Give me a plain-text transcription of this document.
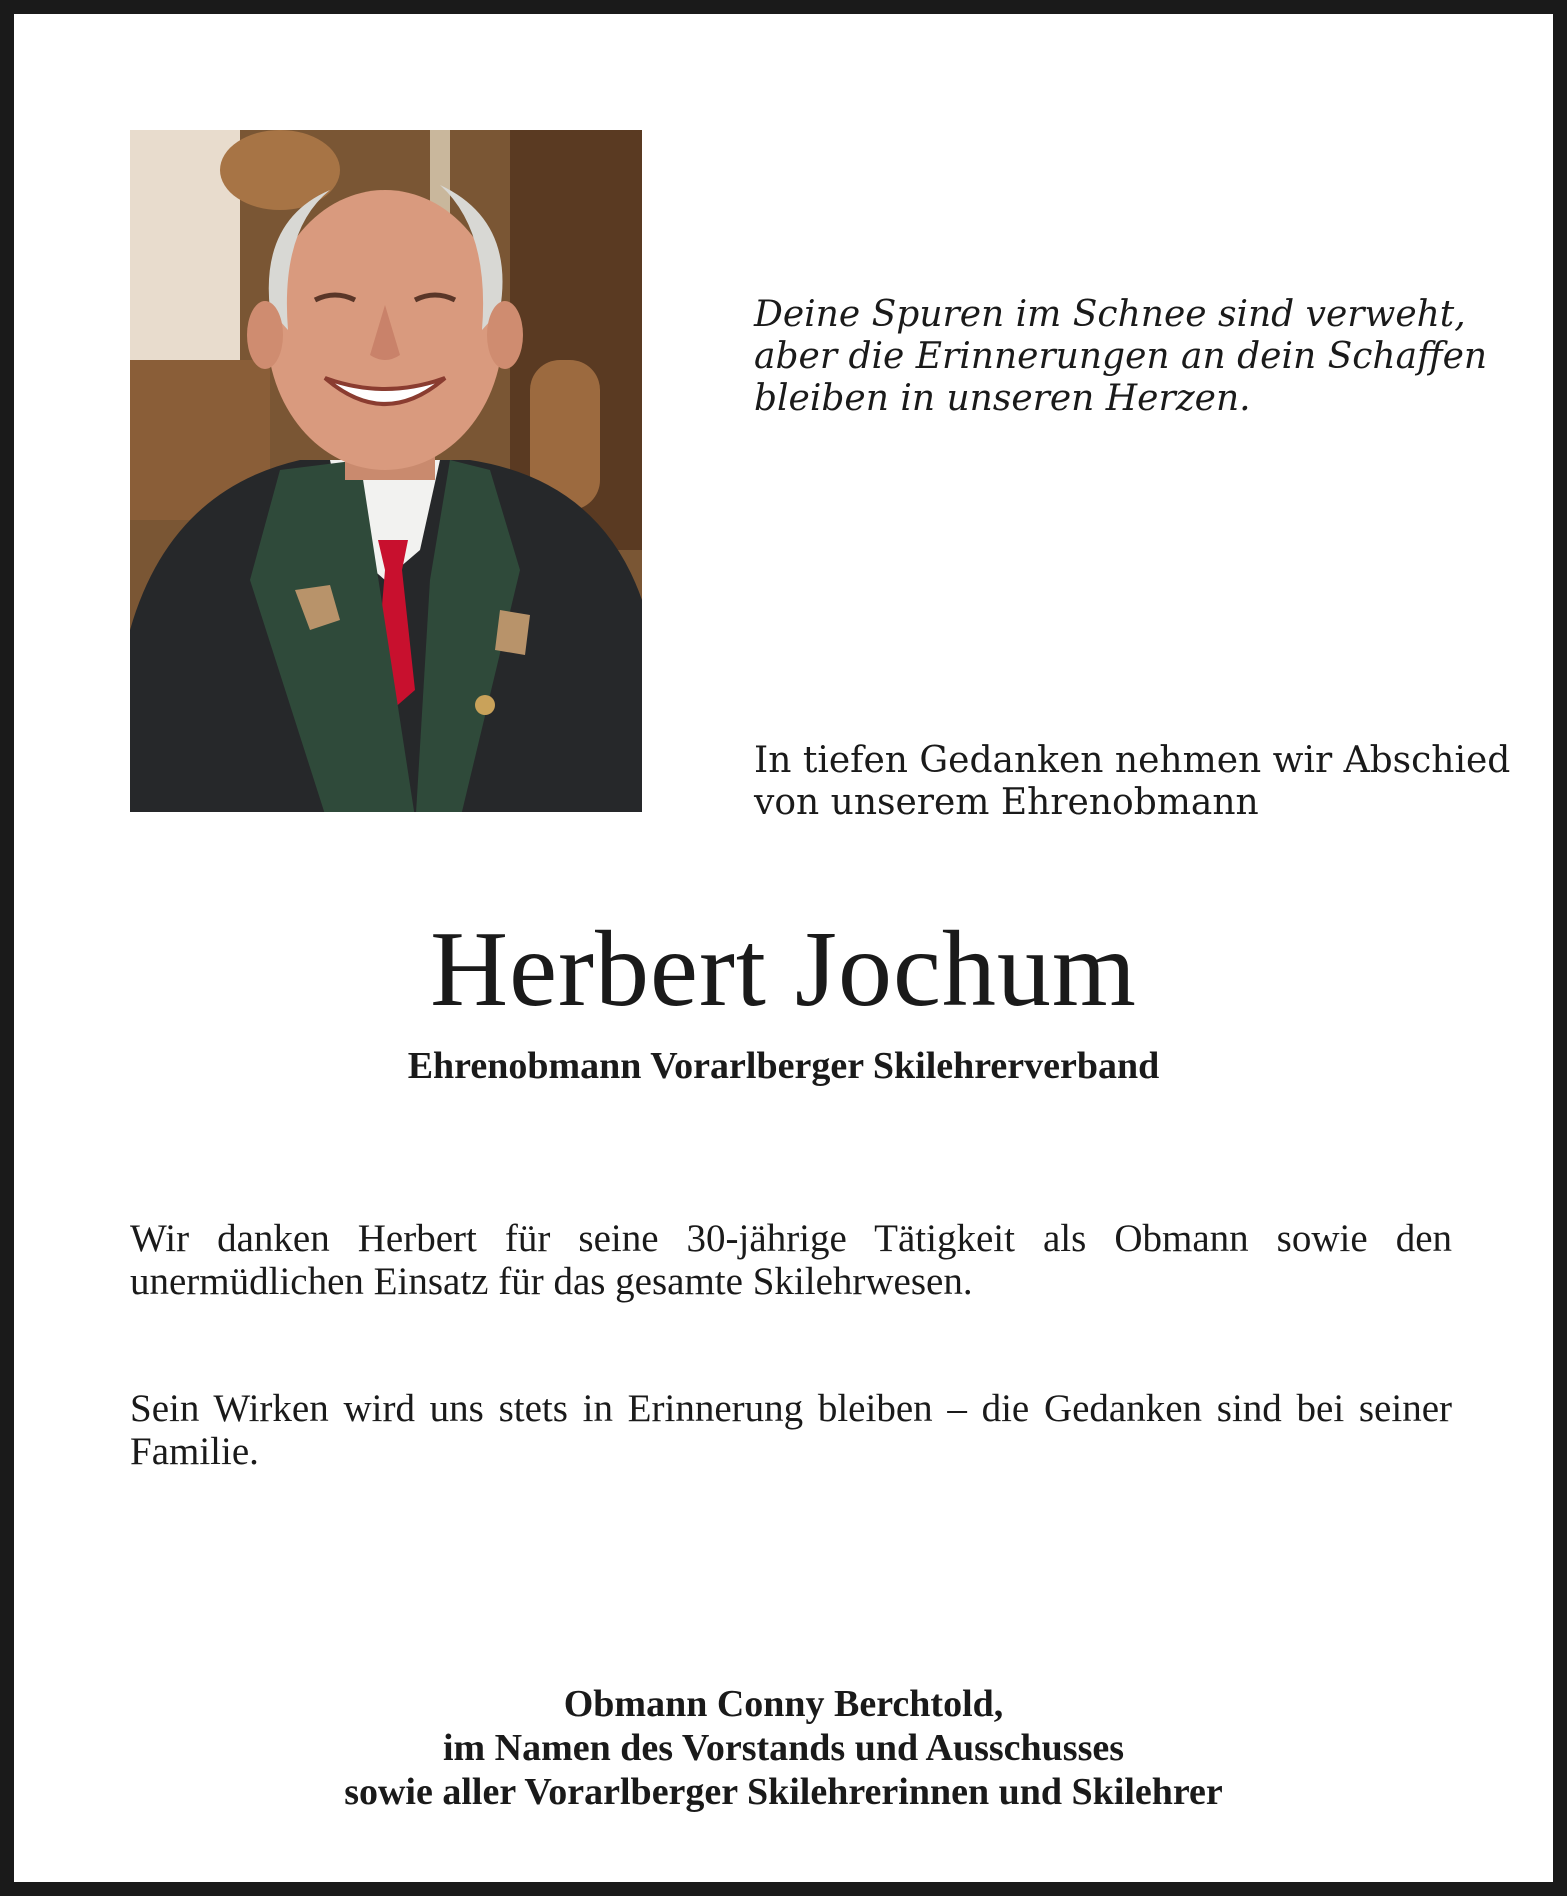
Deine Spuren im Schnee sind verweht,
aber die Erinnerungen an dein Schaffen
bleiben in unseren Herzen.
In tiefen Gedanken nehmen wir Abschied
von unserem Ehrenobmann
Herbert Jochum
Ehrenobmann Vorarlberger Skilehrerverband
Wir danken Herbert für seine 30-jährige Tätigkeit als Obmann sowie den unermüdlichen Einsatz für das gesamte Skilehrwesen.
Sein Wirken wird uns stets in Erinnerung bleiben – die Gedanken sind bei seiner Familie.
Obmann Conny Berchtold,
im Namen des Vorstands und Ausschusses
sowie aller Vorarlberger Skilehrerinnen und Skilehrer
